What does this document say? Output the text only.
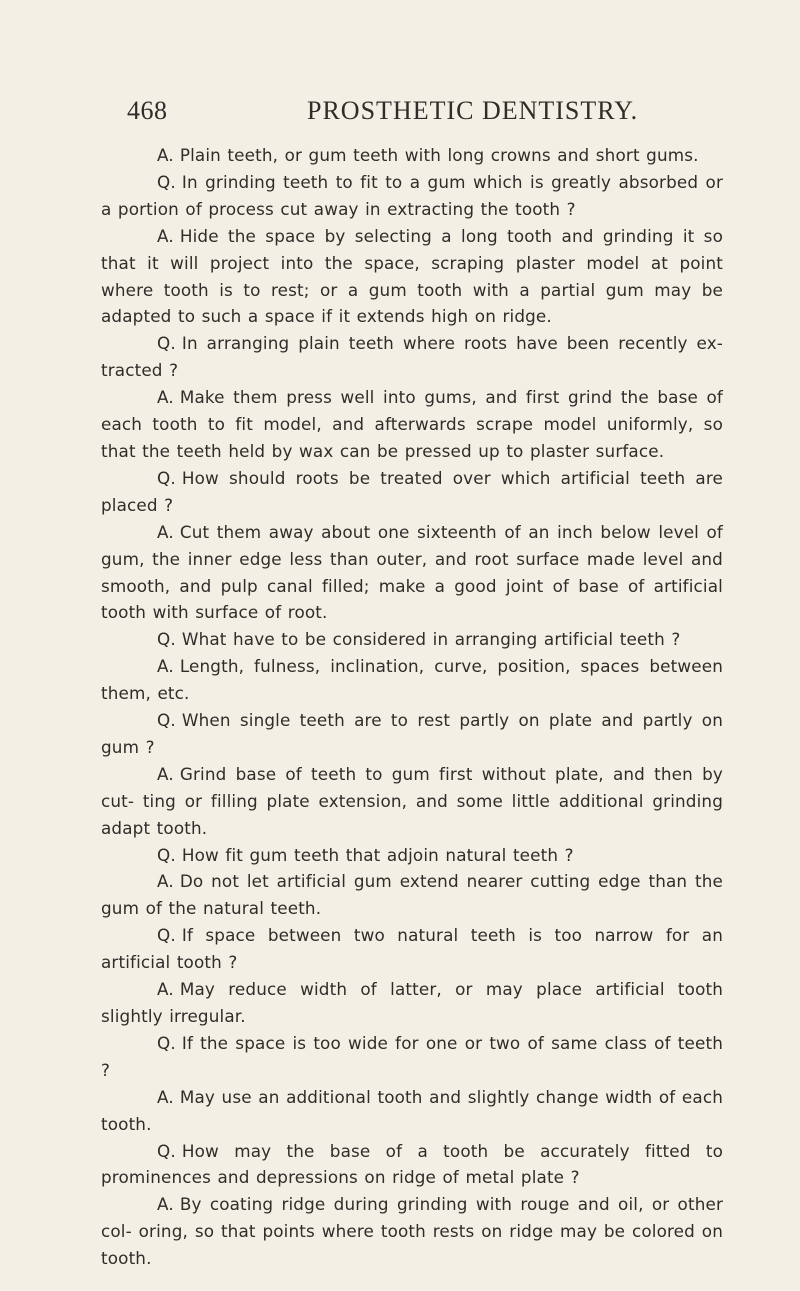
468	PROSTHETIC DENTISTRY.

A. Plain teeth, or gum teeth with long crowns and short gums.

Q. In grinding teeth to fit to a gum which is greatly absorbed or a portion of process cut away in extracting the tooth ?

A. Hide the space by selecting a long tooth and grinding it so that it will project into the space, scraping plaster model at point where tooth is to rest; or a gum tooth with a partial gum may be adapted to such a space if it extends high on ridge.

Q. In arranging plain teeth where roots have been recently ex- tracted ?

A. Make them press well into gums, and first grind the base of each tooth to fit model, and afterwards scrape model uniformly, so that the teeth held by wax can be pressed up to plaster surface.

Q. How should roots be treated over which artificial teeth are placed ?

A. Cut them away about one sixteenth of an inch below level of gum, the inner edge less than outer, and root surface made level and smooth, and pulp canal filled; make a good joint of base of artificial tooth with surface of root.

Q. What have to be considered in arranging artificial teeth ?

A. Length, fulness, inclination, curve, position, spaces between them, etc.

Q. When single teeth are to rest partly on plate and partly on gum ?

A. Grind base of teeth to gum first without plate, and then by cut- ting or filling plate extension, and some little additional grinding adapt tooth.

Q. How fit gum teeth that adjoin natural teeth ?

A. Do not let artificial gum extend nearer cutting edge than the gum of the natural teeth.

Q. If space between two natural teeth is too narrow for an artificial tooth ?

A. May reduce width of latter, or may place artificial tooth slightly irregular.

Q. If the space is too wide for one or two of same class of teeth ?

A. May use an additional tooth and slightly change width of each tooth.

Q. How may the base of a tooth be accurately fitted to prominences and depressions on ridge of metal plate ?

A. By coating ridge during grinding with rouge and oil, or other col- oring, so that points where tooth rests on ridge may be colored on tooth.
